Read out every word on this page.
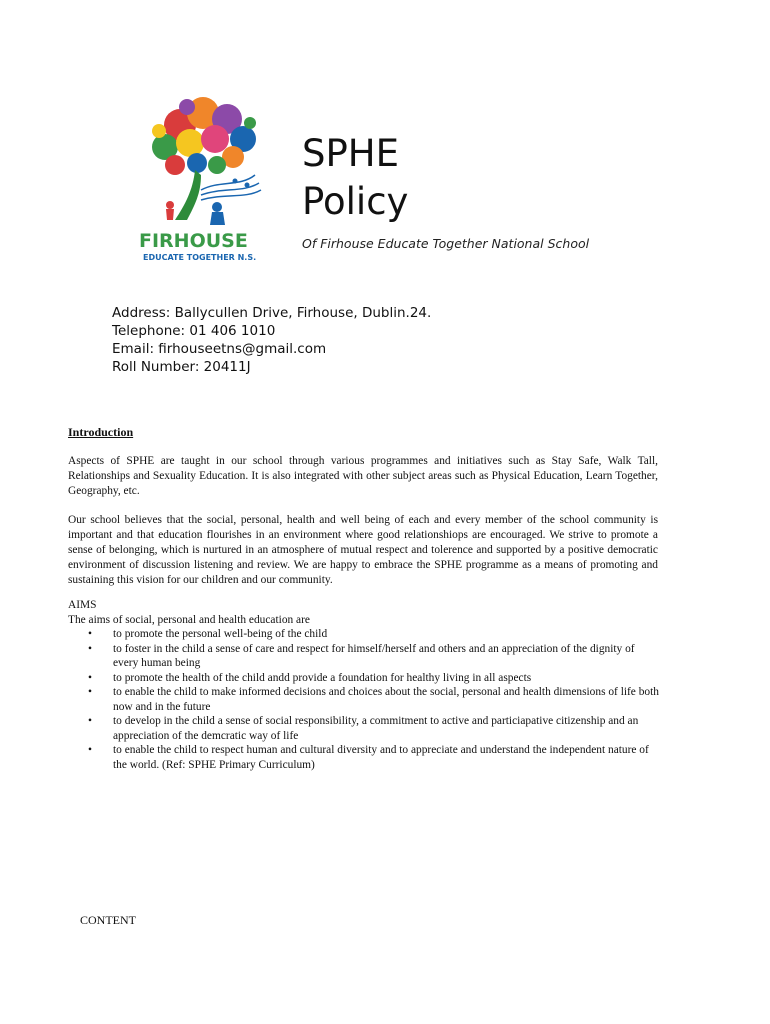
FIRHOUSE
EDUCATE TOGETHER N.S.
SPHE
Policy
Of Firhouse Educate Together National School
Address: Ballycullen Drive, Firhouse, Dublin.24.
Telephone: 01 406 1010
Email: firhouseetns@gmail.com
Roll Number: 20411J
Introduction
Aspects of SPHE are taught in our school through various programmes and initiatives such as Stay Safe, Walk Tall, Relationships and Sexuality Education. It is also integrated with other subject areas such as Physical Education, Learn Together, Geography, etc.
Our school believes that the social, personal, health and well being of each and every member of the school community is important and that education flourishes in an environment where good relationshiops are encouraged. We strive to promote a sense of belonging, which is nurtured in an atmosphere of mutual respect and tolerence and supported by a positive democratic environment of discussion listening and review. We are happy to embrace the SPHE programme as a means of promoting and sustaining this vision for our children and our community.
AIMS
The aims of social, personal and health education are
• to promote the personal well-being of the child
• to foster in the child a sense of care and respect for himself/herself and others and an appreciation of the dignity of every human being
• to promote the health of the child andd provide a foundation for healthy living in all aspects
• to enable the child to make informed decisions and choices about the social, personal and health dimensions of life both now and in the future
• to develop in the child a sense of social responsibility, a commitment to active and particiapative citizenship and an appreciation of the demcratic way of life
• to enable the child to respect human and cultural diversity and to appreciate and understand the independent nature of the world. (Ref: SPHE Primary Curriculum)
CONTENT
